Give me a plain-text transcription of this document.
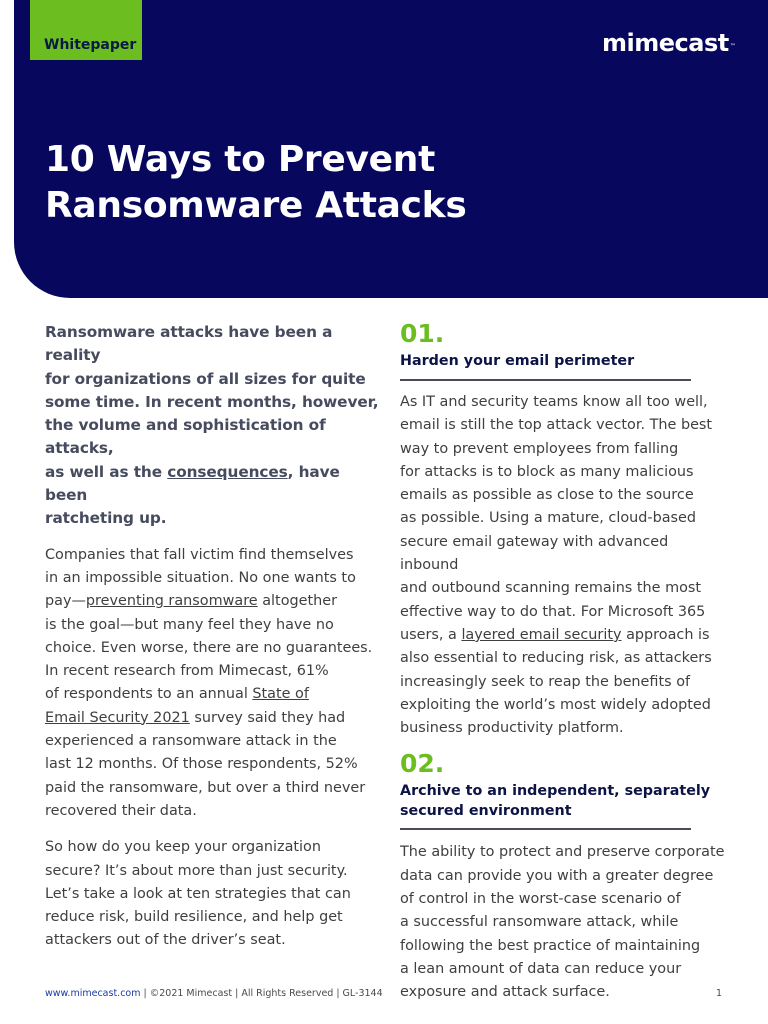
Whitepaper	mimecast™
10 Ways to Prevent
Ransomware Attacks
Ransomware attacks have been a reality
for organizations of all sizes for quite
some time. In recent months, however,
the volume and sophistication of attacks,
as well as the consequences, have been
ratcheting up.
Companies that fall victim find themselves
in an impossible situation. No one wants to
pay—preventing ransomware altogether
is the goal—but many feel they have no
choice. Even worse, there are no guarantees.
In recent research from Mimecast, 61%
of respondents to an annual State of
Email Security 2021 survey said they had
experienced a ransomware attack in the
last 12 months. Of those respondents, 52%
paid the ransomware, but over a third never
recovered their data.
So how do you keep your organization
secure? It’s about more than just security.
Let’s take a look at ten strategies that can
reduce risk, build resilience, and help get
attackers out of the driver’s seat.
01.
Harden your email perimeter
As IT and security teams know all too well,
email is still the top attack vector. The best
way to prevent employees from falling
for attacks is to block as many malicious
emails as possible as close to the source
as possible. Using a mature, cloud-based
secure email gateway with advanced inbound
and outbound scanning remains the most
effective way to do that. For Microsoft 365
users, a layered email security approach is
also essential to reducing risk, as attackers
increasingly seek to reap the benefits of
exploiting the world’s most widely adopted
business productivity platform.
02.
Archive to an independent, separately
secured environment
The ability to protect and preserve corporate
data can provide you with a greater degree
of control in the worst-case scenario of
a successful ransomware attack, while
following the best practice of maintaining
a lean amount of data can reduce your
exposure and attack surface.
www.mimecast.com | ©2021 Mimecast | All Rights Reserved | GL-3144	1
